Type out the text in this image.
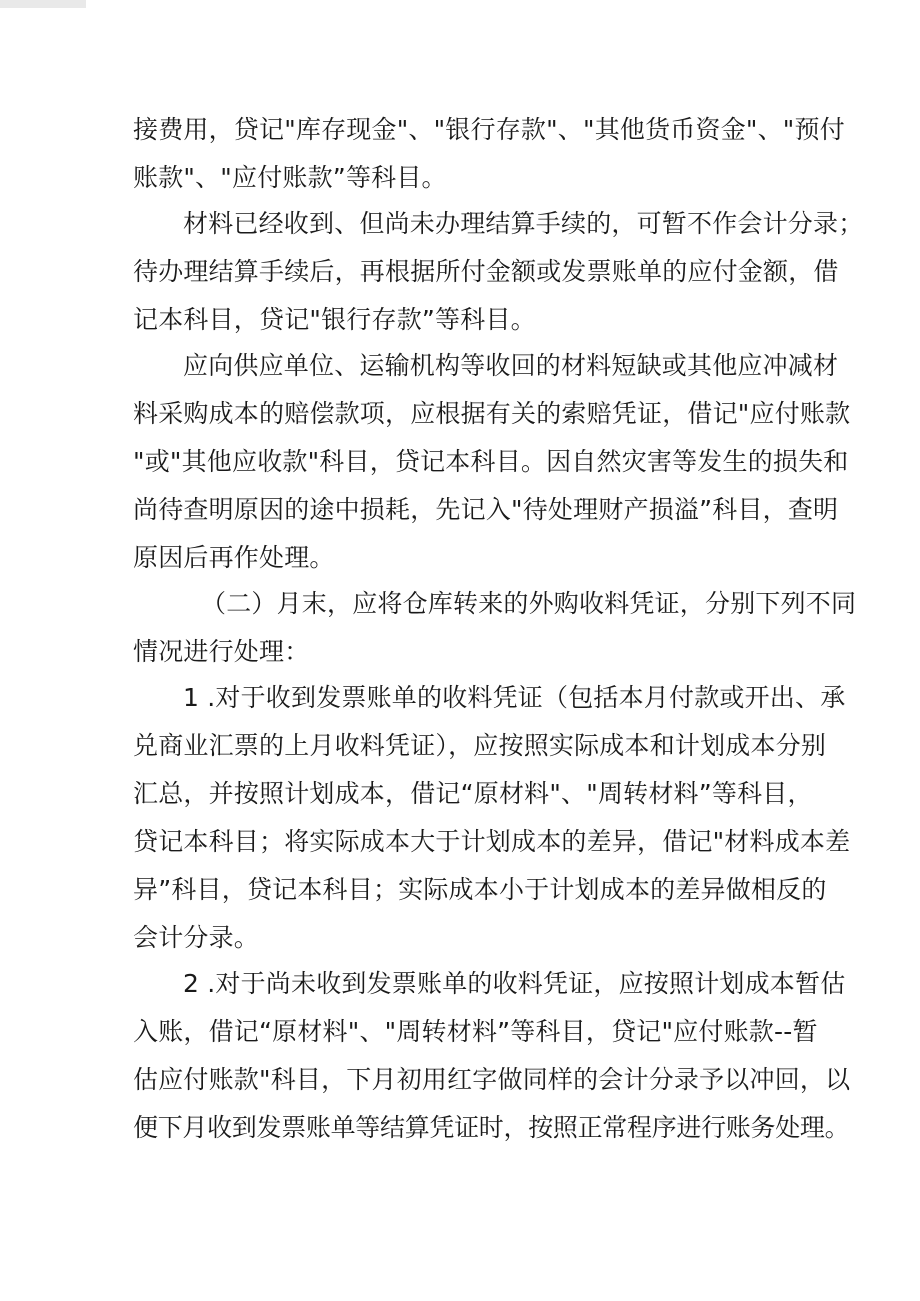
接费用，贷记"库存现金"、"银行存款"、"其他货币资金"、"预付

账款"、"应付账款”等科目。

材料已经收到、但尚未办理结算手续的，可暂不作会计分录；

待办理结算手续后，再根据所付金额或发票账单的应付金额，借

记本科目，贷记"银行存款”等科目。

应向供应单位、运输机构等收回的材料短缺或其他应冲减材

料采购成本的赔偿款项，应根据有关的索赔凭证，借记"应付账款

"或"其他应收款"科目，贷记本科目。因自然灾害等发生的损失和

尚待查明原因的途中损耗，先记入"待处理财产损溢”科目，查明

原因后再作处理。

（二）月末，应将仓库转来的外购收料凭证，分别下列不同

情况进行处理：

1 .对于收到发票账单的收料凭证（包括本月付款或开出、承

兑商业汇票的上月收料凭证），应按照实际成本和计划成本分别

汇总，并按照计划成本，借记“原材料"、"周转材料”等科目，

贷记本科目；将实际成本大于计划成本的差异，借记"材料成本差

异”科目，贷记本科目；实际成本小于计划成本的差异做相反的

会计分录。

2 .对于尚未收到发票账单的收料凭证，应按照计划成本暂估

入账，借记“原材料"、"周转材料”等科目，贷记"应付账款--暂

估应付账款"科目，下月初用红字做同样的会计分录予以冲回，以

便下月收到发票账单等结算凭证时，按照正常程序进行账务处理。
